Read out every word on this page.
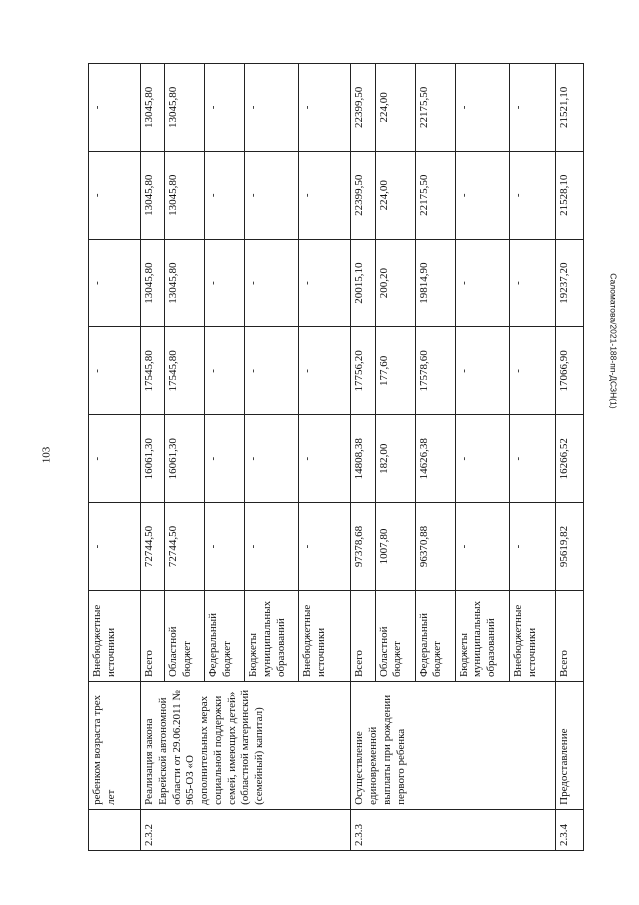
103
Саломатова/2021-188-пп-ДСЗН(1)
	ребенком возраста трех лет	Внебюджетные источники	-	-	-	-	-	-
2.3.2	Реализация закона Еврейской автономной области от 29.06.2011 № 965-ОЗ «О дополнительных мерах социальной поддержки семей, имеющих детей» (областной материнский (семейный) капитал)	Всего	72744,50	16061,30	17545,80	13045,80	13045,80	13045,80
		Областной бюджет	72744,50	16061,30	17545,80	13045,80	13045,80	13045,80
		Федеральный бюджет	-	-	-	-	-	-
		Бюджеты муниципальных образований	-	-	-	-	-	-
		Внебюджетные источники	-	-	-	-	-	-
2.3.3	Осуществление единовременной выплаты при рождении первого ребенка	Всего	97378,68	14808,38	17756,20	20015,10	22399,50	22399,50
		Областной бюджет	1007,80	182,00	177,60	200,20	224,00	224,00
		Федеральный бюджет	96370,88	14626,38	17578,60	19814,90	22175,50	22175,50
		Бюджеты муниципальных образований	-	-	-	-	-	-
		Внебюджетные источники	-	-	-	-	-	-
2.3.4	Предоставление	Всего	95619,82	16266,52	17066,90	19237,20	21528,10	21521,10
